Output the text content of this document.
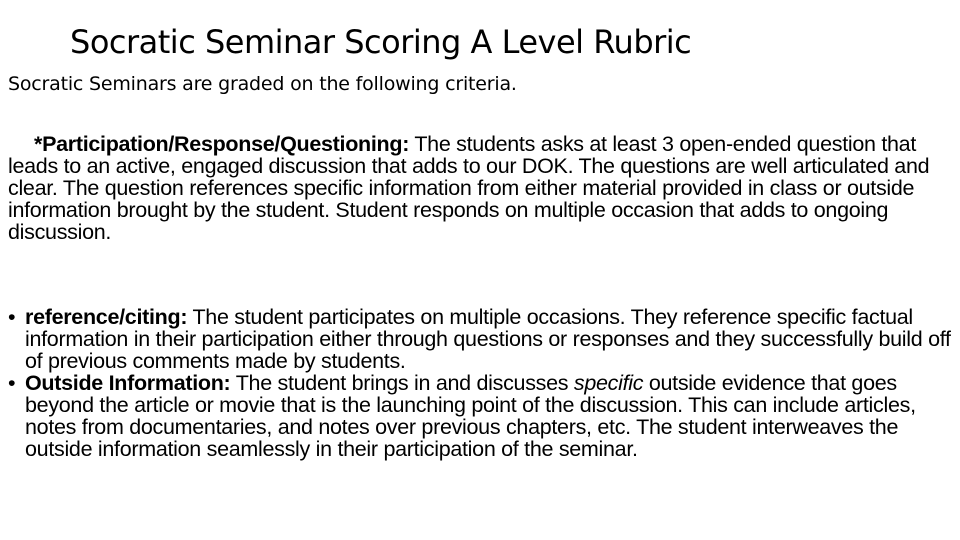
Socratic Seminar Scoring A Level Rubric
Socratic Seminars are graded on the following criteria.

*Participation/Response/Questioning: The students asks at least 3 open-ended question that leads to an active, engaged discussion that adds to our DOK. The questions are well articulated and clear. The question references specific information from either material provided in class or outside information brought by the student. Student responds on multiple occasion that adds to ongoing discussion.

• reference/citing: The student participates on multiple occasions. They reference specific factual information in their participation either through questions or responses and they successfully build off of previous comments made by students.
• Outside Information: The student brings in and discusses specific outside evidence that goes beyond the article or movie that is the launching point of the discussion. This can include articles, notes from documentaries, and notes over previous chapters, etc. The student interweaves the outside information seamlessly in their participation of the seminar.
